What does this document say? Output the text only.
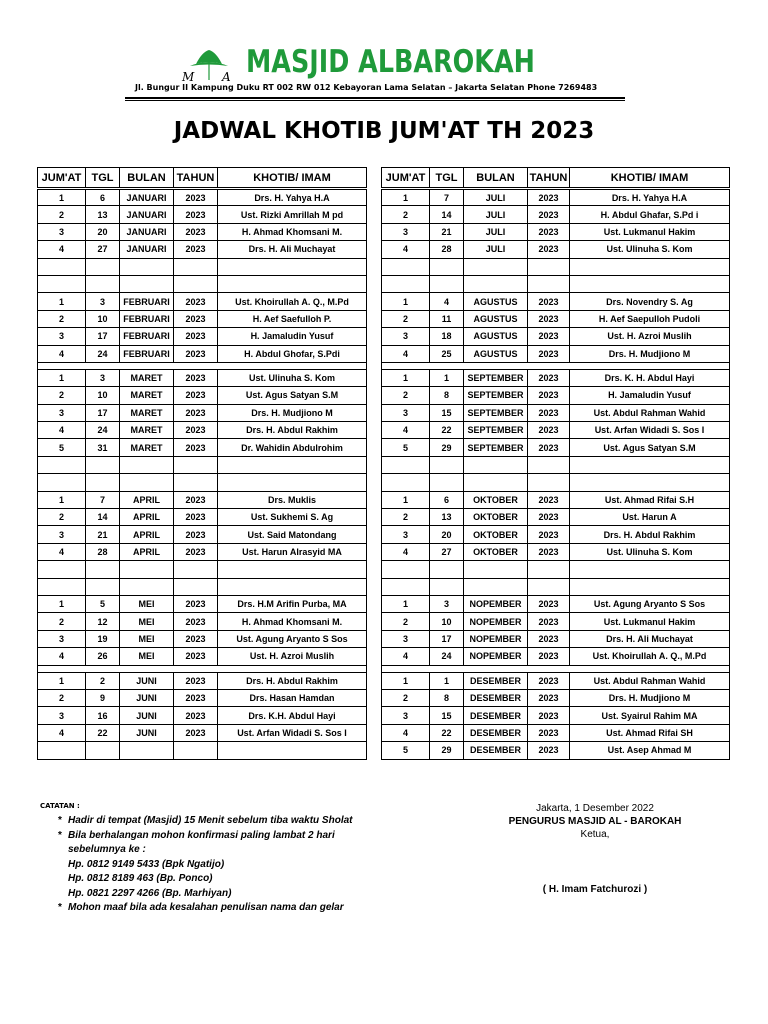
M A MASJID ALBAROKAH
Jl. Bungur II Kampung Duku RT 002 RW 012 Kebayoran Lama Selatan – Jakarta Selatan Phone 7269483
JADWAL KHOTIB JUM'AT TH 2023
JUM'AT	TGL	BULAN	TAHUN	KHOTIB/ IMAM
1	6	JANUARI	2023	Drs. H. Yahya H.A
2	13	JANUARI	2023	Ust. Rizki Amrillah M pd
3	20	JANUARI	2023	H. Ahmad Khomsani M.
4	27	JANUARI	2023	Drs. H. Ali Muchayat

1	3	FEBRUARI	2023	Ust. Khoirullah A. Q., M.Pd
2	10	FEBRUARI	2023	H. Aef Saefulloh P.
3	17	FEBRUARI	2023	H. Jamaludin Yusuf
4	24	FEBRUARI	2023	H. Abdul Ghofar, S.Pdi

1	3	MARET	2023	Ust. Ulinuha S. Kom
2	10	MARET	2023	Ust. Agus Satyan S.M
3	17	MARET	2023	Drs. H. Mudjiono M
4	24	MARET	2023	Drs. H. Abdul Rakhim
5	31	MARET	2023	Dr. Wahidin Abdulrohim

1	7	APRIL	2023	Drs. Muklis
2	14	APRIL	2023	Ust. Sukhemi S. Ag
3	21	APRIL	2023	Ust. Said Matondang
4	28	APRIL	2023	Ust. Harun Alrasyid MA

1	5	MEI	2023	Drs. H.M Arifin Purba, MA
2	12	MEI	2023	H. Ahmad Khomsani M.
3	19	MEI	2023	Ust. Agung Aryanto S Sos
4	26	MEI	2023	Ust. H. Azroi Muslih

1	2	JUNI	2023	Drs. H. Abdul Rakhim
2	9	JUNI	2023	Drs. Hasan Hamdan
3	16	JUNI	2023	Drs. K.H. Abdul Hayi
4	22	JUNI	2023	Ust. Arfan Widadi S. Sos I

JUM'AT	TGL	BULAN	TAHUN	KHOTIB/ IMAM
1	7	JULI	2023	Drs. H. Yahya H.A
2	14	JULI	2023	H. Abdul Ghafar, S.Pd i
3	21	JULI	2023	Ust. Lukmanul Hakim
4	28	JULI	2023	Ust. Ulinuha S. Kom

1	4	AGUSTUS	2023	Drs. Novendry S. Ag
2	11	AGUSTUS	2023	H. Aef Saepulloh Pudoli
3	18	AGUSTUS	2023	Ust. H. Azroi Muslih
4	25	AGUSTUS	2023	Drs. H. Mudjiono M

1	1	SEPTEMBER	2023	Drs. K. H. Abdul Hayi
2	8	SEPTEMBER	2023	H. Jamaludin Yusuf
3	15	SEPTEMBER	2023	Ust. Abdul Rahman Wahid
4	22	SEPTEMBER	2023	Ust. Arfan Widadi S. Sos I
5	29	SEPTEMBER	2023	Ust. Agus Satyan S.M

1	6	OKTOBER	2023	Ust. Ahmad Rifai S.H
2	13	OKTOBER	2023	Ust. Harun A
3	20	OKTOBER	2023	Drs. H. Abdul Rakhim
4	27	OKTOBER	2023	Ust. Ulinuha S. Kom

1	3	NOPEMBER	2023	Ust. Agung Aryanto S Sos
2	10	NOPEMBER	2023	Ust. Lukmanul Hakim
3	17	NOPEMBER	2023	Drs. H. Ali Muchayat
4	24	NOPEMBER	2023	Ust. Khoirullah A. Q., M.Pd

1	1	DESEMBER	2023	Ust. Abdul Rahman Wahid
2	8	DESEMBER	2023	Drs. H. Mudjiono M
3	15	DESEMBER	2023	Ust. Syairul Rahim MA
4	22	DESEMBER	2023	Ust. Ahmad Rifai SH
5	29	DESEMBER	2023	Ust. Asep Ahmad M
CATATAN :
* Hadir di tempat (Masjid) 15 Menit sebelum tiba waktu Sholat
* Bila berhalangan mohon konfirmasi paling lambat 2 hari
sebelumnya ke :
Hp. 0812 9149 5433 (Bpk Ngatijo)
Hp. 0812 8189 463 (Bp. Ponco)
Hp. 0821 2297 4266 (Bp. Marhiyan)
* Mohon maaf bila ada kesalahan penulisan nama dan gelar
Jakarta, 1 Desember 2022
PENGURUS MASJID AL - BAROKAH
Ketua,
( H. Imam Fatchurozi )
